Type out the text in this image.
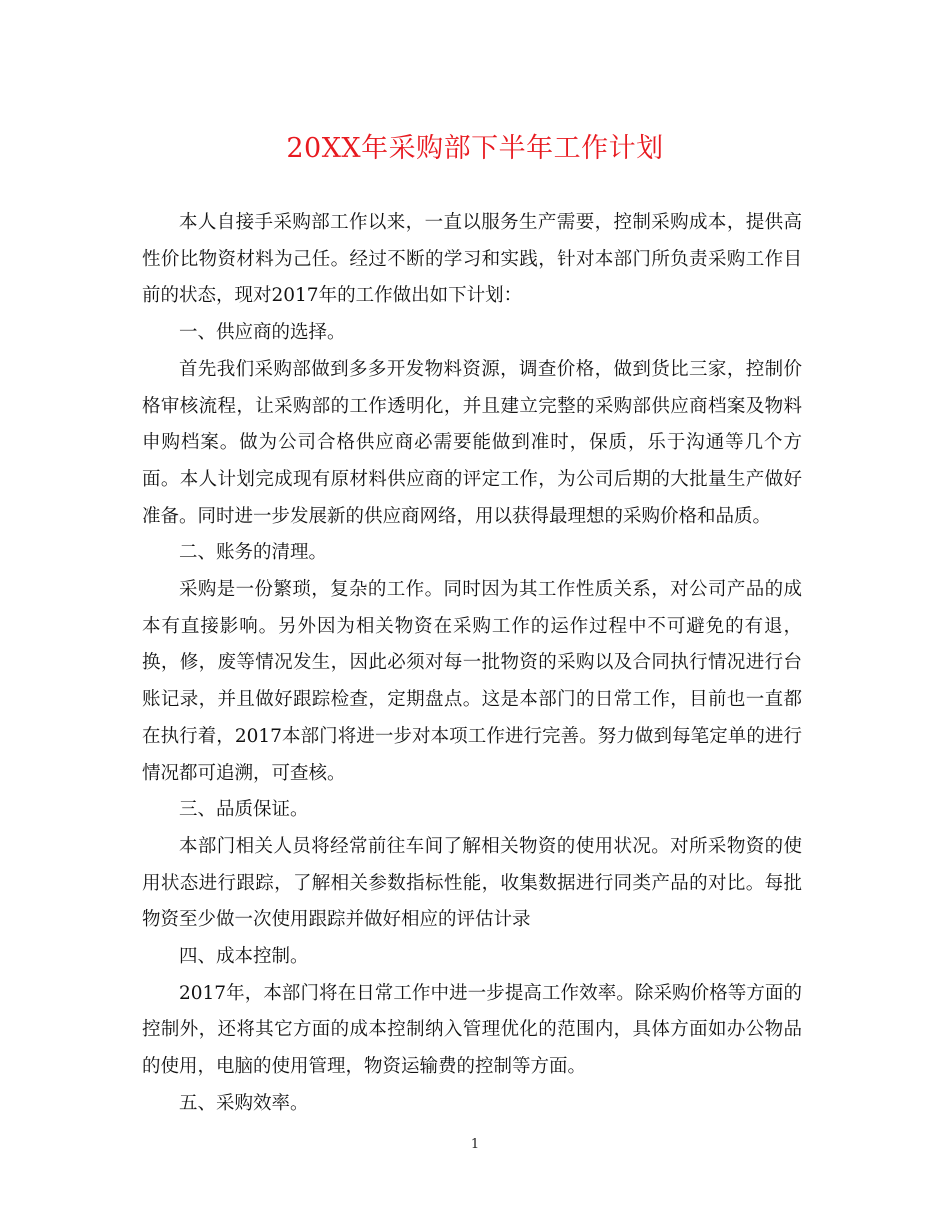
20XX年采购部下半年工作计划

本人自接手采购部工作以来，一直以服务生产需要，控制采购成本，提供高性价比物资材料为己任。经过不断的学习和实践，针对本部门所负责采购工作目前的状态，现对2017年的工作做出如下计划：

一、供应商的选择。

首先我们采购部做到多多开发物料资源，调查价格，做到货比三家，控制价格审核流程，让采购部的工作透明化，并且建立完整的采购部供应商档案及物料申购档案。做为公司合格供应商必需要能做到准时，保质，乐于沟通等几个方面。本人计划完成现有原材料供应商的评定工作，为公司后期的大批量生产做好准备。同时进一步发展新的供应商网络，用以获得最理想的采购价格和品质。

二、账务的清理。

采购是一份繁琐，复杂的工作。同时因为其工作性质关系，对公司产品的成本有直接影响。另外因为相关物资在采购工作的运作过程中不可避免的有退，换，修，废等情况发生，因此必须对每一批物资的采购以及合同执行情况进行台账记录，并且做好跟踪检查，定期盘点。这是本部门的日常工作，目前也一直都在执行着，2017本部门将进一步对本项工作进行完善。努力做到每笔定单的进行情况都可追溯，可查核。

三、品质保证。

本部门相关人员将经常前往车间了解相关物资的使用状况。对所采物资的使用状态进行跟踪，了解相关参数指标性能，收集数据进行同类产品的对比。每批物资至少做一次使用跟踪并做好相应的评估计录

四、成本控制。

2017年，本部门将在日常工作中进一步提高工作效率。除采购价格等方面的控制外，还将其它方面的成本控制纳入管理优化的范围内，具体方面如办公物品的使用，电脑的使用管理，物资运输费的控制等方面。

五、采购效率。

1
